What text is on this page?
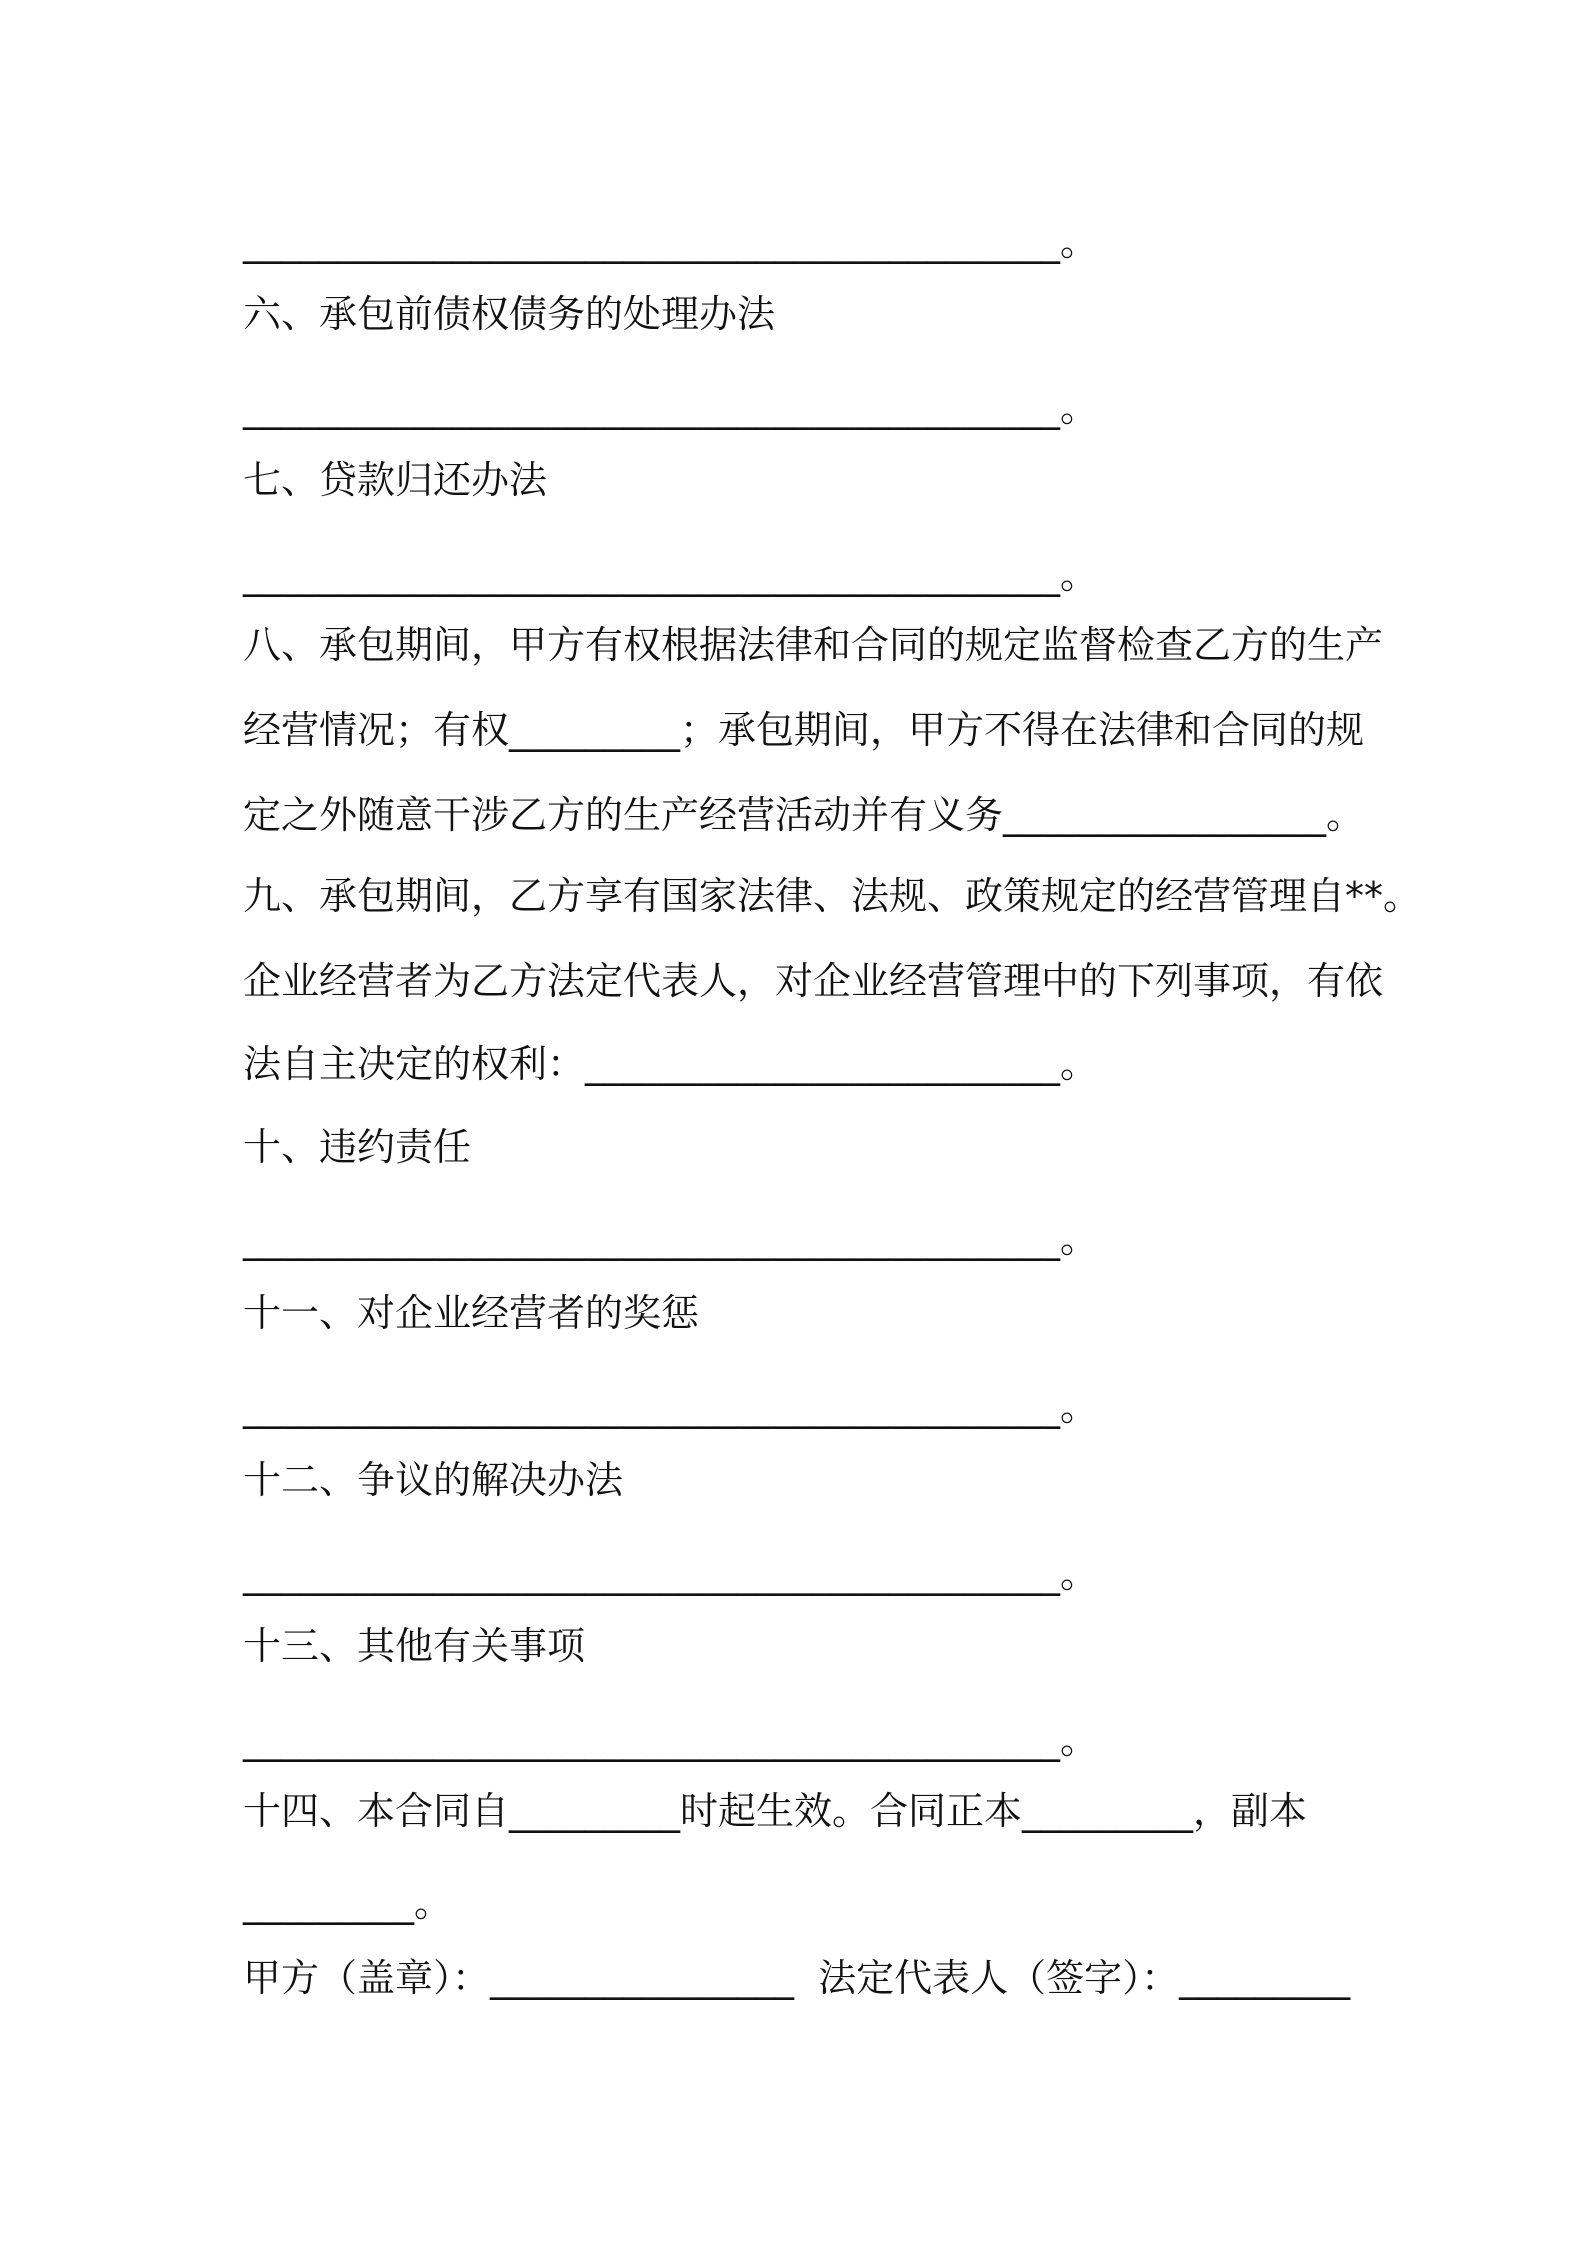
___________________________________________。
六、承包前债权债务的处理办法
___________________________________________。
七、贷款归还办法
___________________________________________。
八、承包期间，甲方有权根据法律和合同的规定监督检查乙方的生产
经营情况；有权_________；承包期间，甲方不得在法律和合同的规
定之外随意干涉乙方的生产经营活动并有义务_________________。
九、承包期间，乙方享有国家法律、法规、政策规定的经营管理自**。
企业经营者为乙方法定代表人，对企业经营管理中的下列事项，有依
法自主决定的权利：_________________________。
十、违约责任
___________________________________________。
十一、对企业经营者的奖惩
___________________________________________。
十二、争议的解决办法
___________________________________________。
十三、其他有关事项
___________________________________________。
十四、本合同自_________时起生效。合同正本_________，副本
_________。
甲方（盖章）：________________  法定代表人（签字）：_________
